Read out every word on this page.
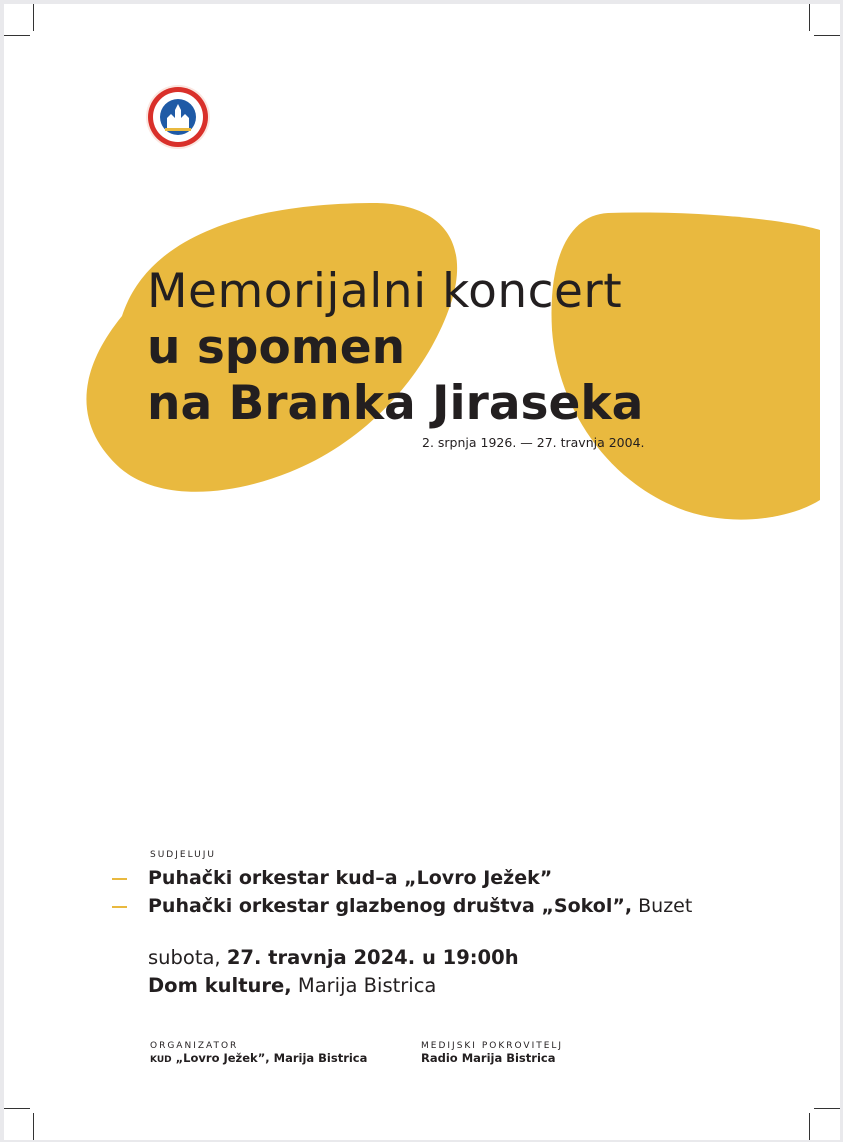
Memorijalni koncert
u spomen
na Branka Jiraseka
2. srpnja 1926. — 27. travnja 2004.
SUDJELUJU
Puhački orkestar kud–a „Lovro Ježek”
Puhački orkestar glazbenog društva „Sokol”, Buzet
subota, 27. travnja 2024. u 19:00h
Dom kulture, Marija Bistrica
ORGANIZATOR
KUD „Lovro Ježek”, Marija Bistrica
MEDIJSKI POKROVITELJ
Radio Marija Bistrica
